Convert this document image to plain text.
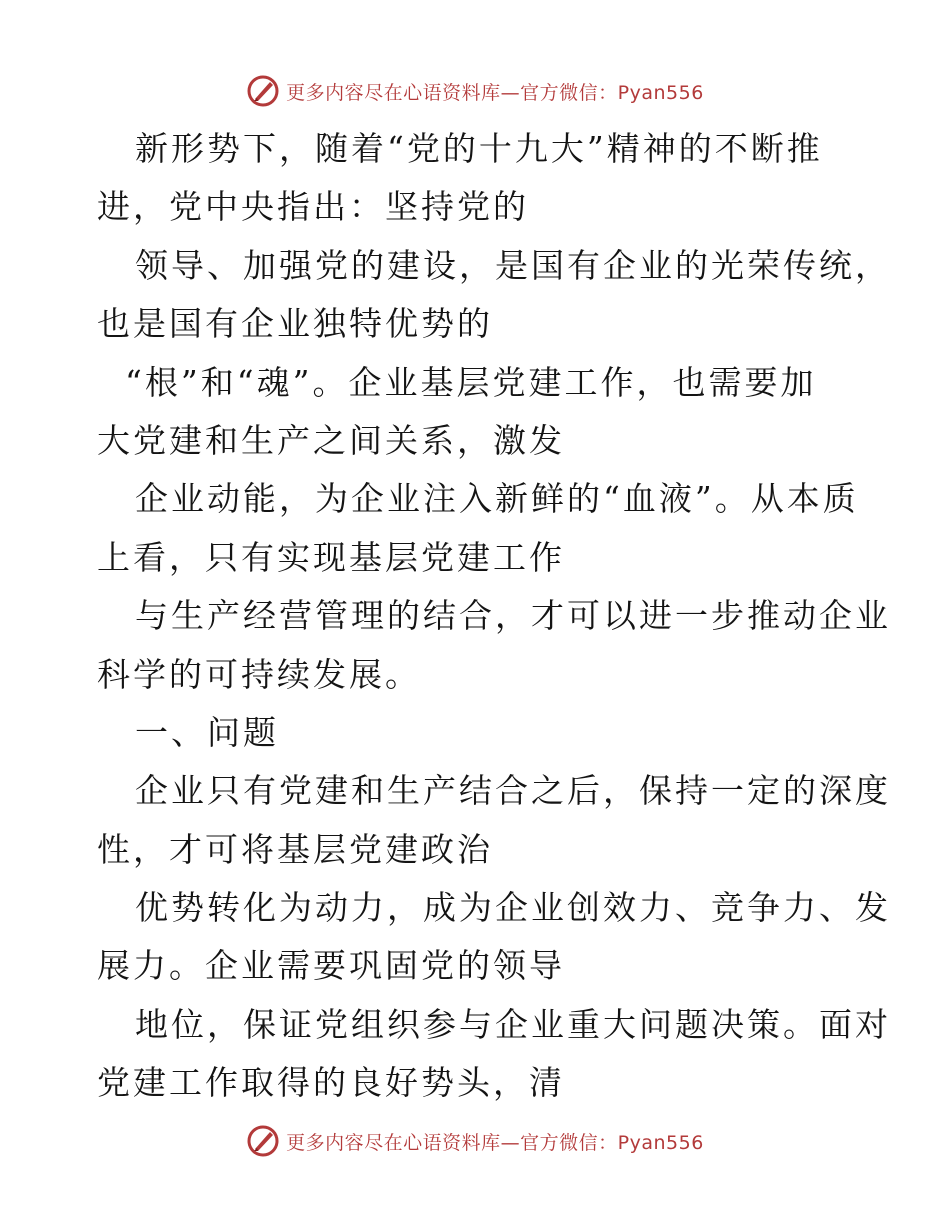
更多内容尽在心语资料库—官方微信：Pyan556
新形势下，随着“党的十九大”精神的不断推
进，党中央指出：坚持党的
领导、加强党的建设，是国有企业的光荣传统，
也是国有企业独特优势的
“根”和“魂”。企业基层党建工作，也需要加
大党建和生产之间关系，激发
企业动能，为企业注入新鲜的“血液”。从本质
上看，只有实现基层党建工作
与生产经营管理的结合，才可以进一步推动企业
科学的可持续发展。
一、问题
企业只有党建和生产结合之后，保持一定的深度
性，才可将基层党建政治
优势转化为动力，成为企业创效力、竞争力、发
展力。企业需要巩固党的领导
地位，保证党组织参与企业重大问题决策。面对
党建工作取得的良好势头，清
更多内容尽在心语资料库—官方微信：Pyan556
